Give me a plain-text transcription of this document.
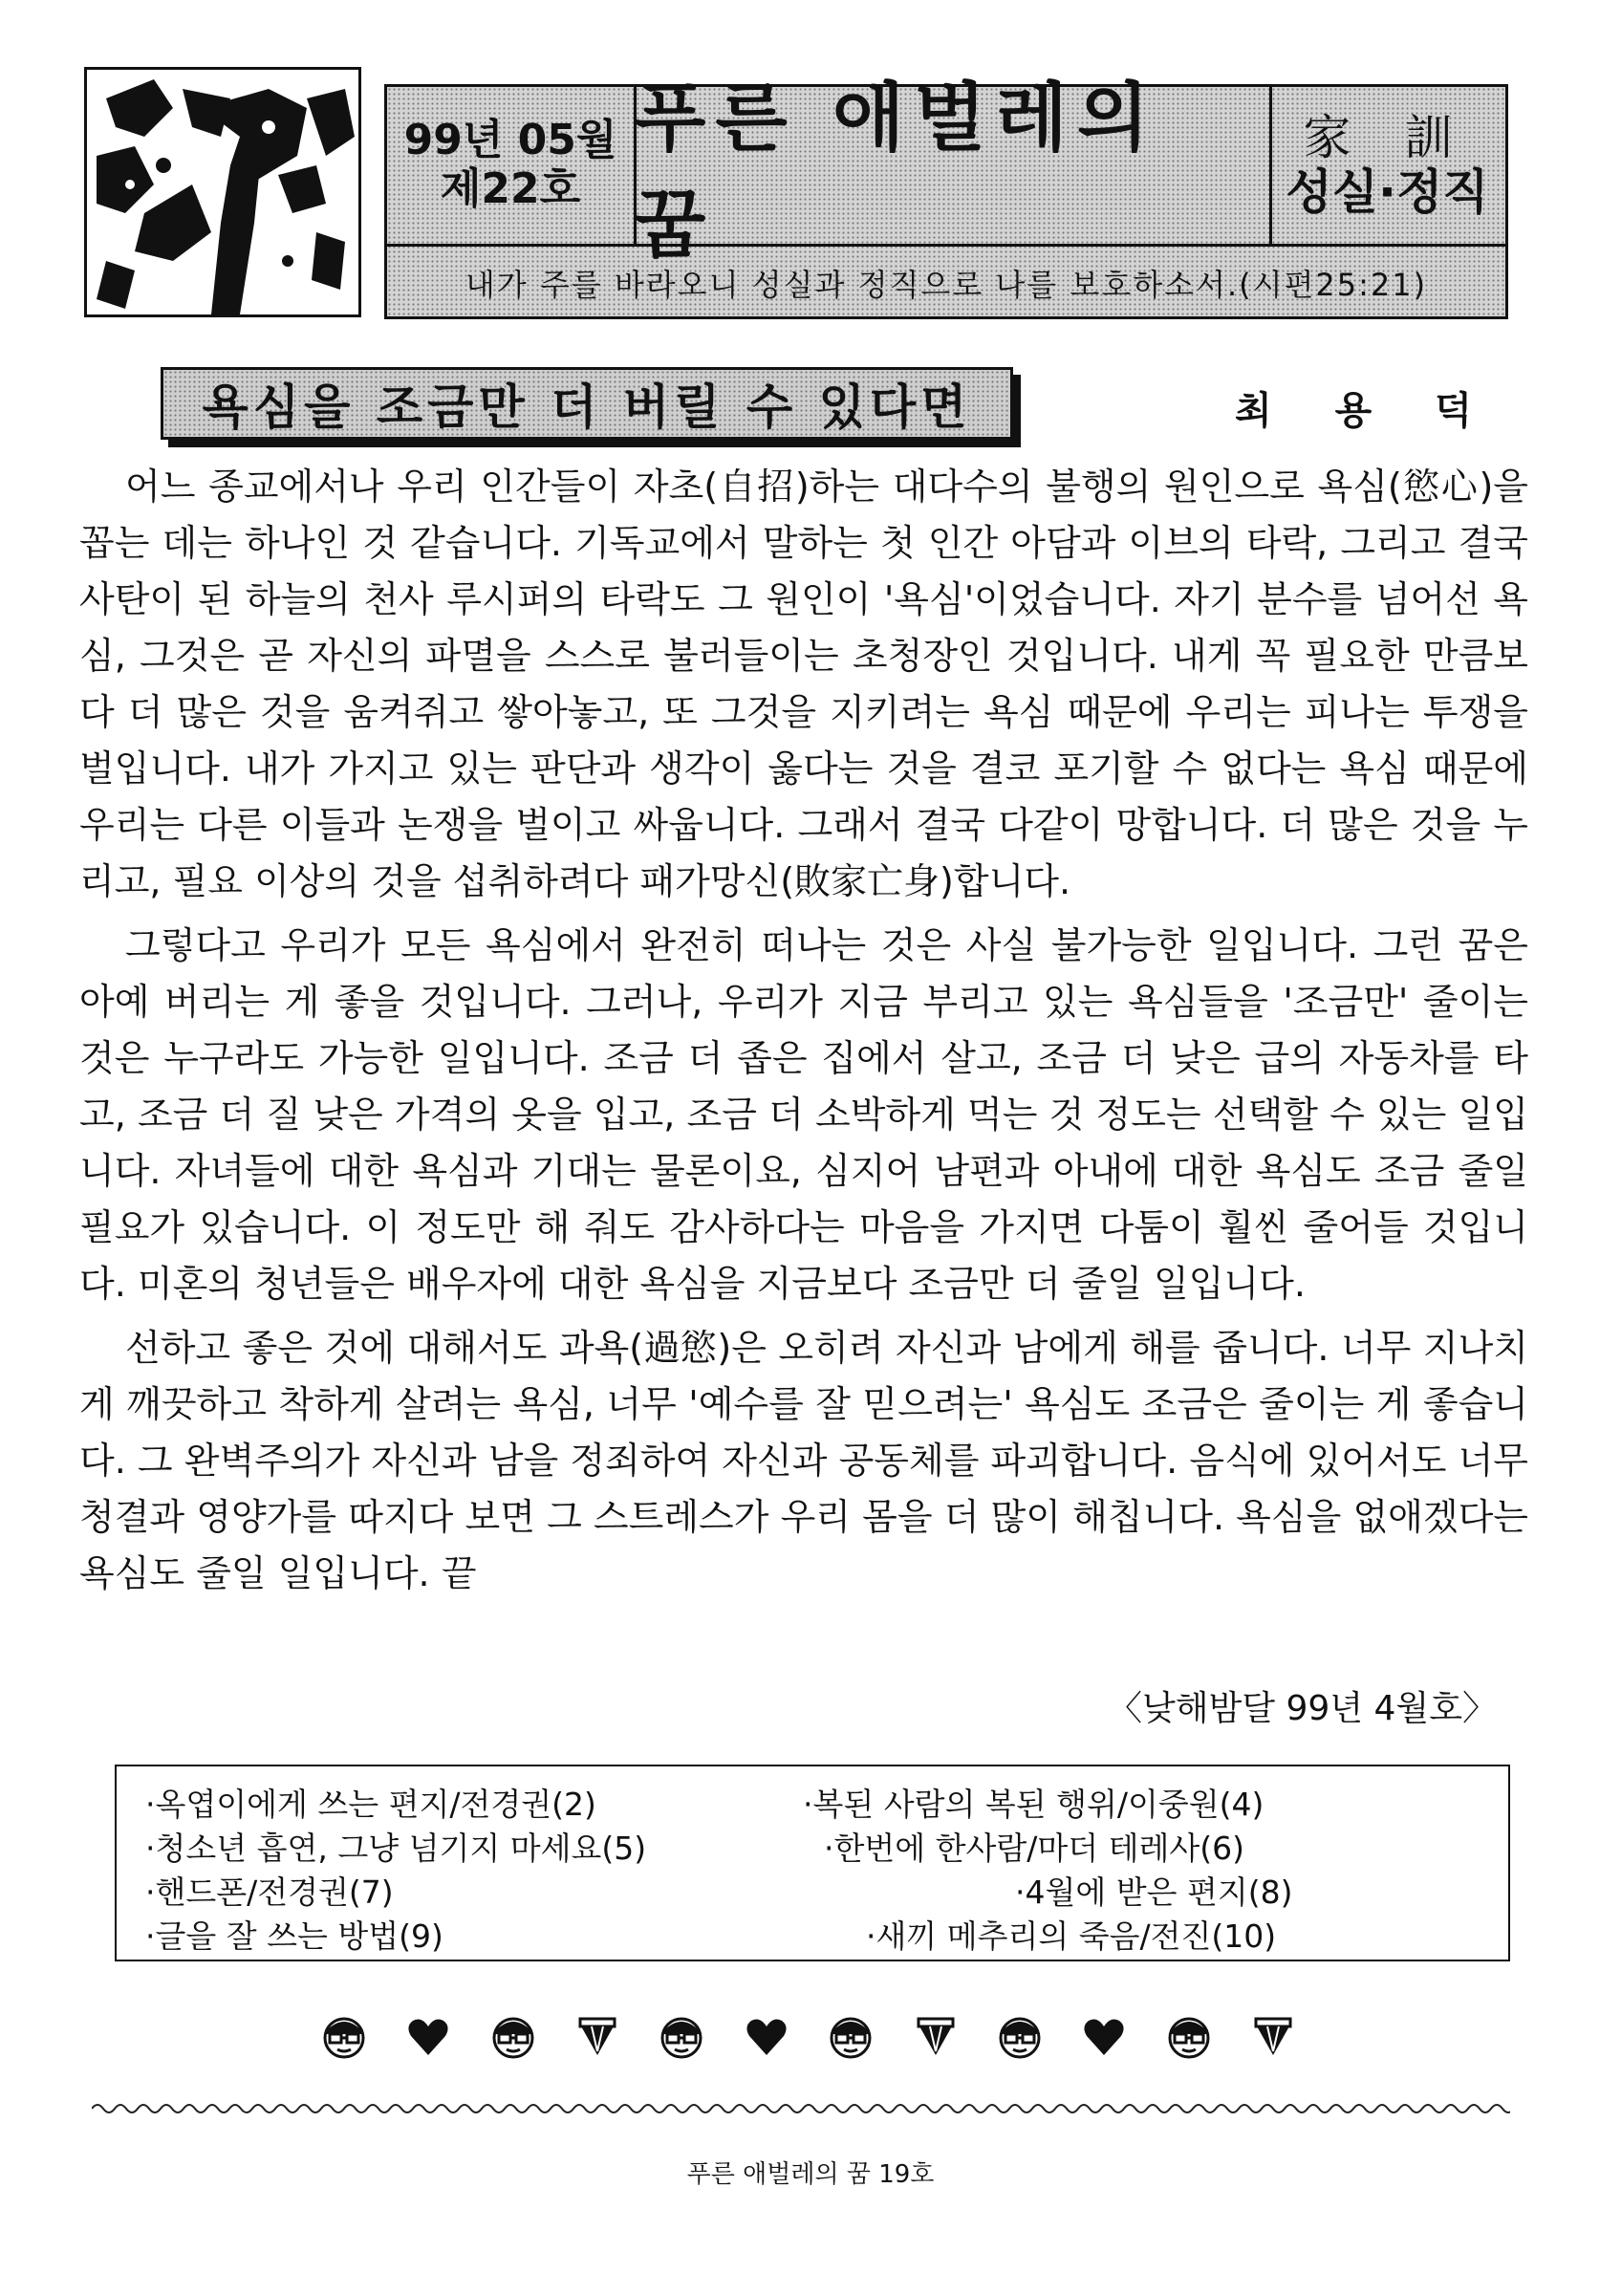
99년 05월
제22호
푸른 애벌레의 꿈
家 訓
성실·정직
내가 주를 바라오니 성실과 정직으로 나를 보호하소서.(시편25:21)
욕심을 조금만 더 버릴 수 있다면	최 용 덕

어느 종교에서나 우리 인간들이 자초(自招)하는 대다수의 불행의 원인으로 욕심(慾心)을 꼽는 데는 하나인 것 같습니다. 기독교에서 말하는 첫 인간 아담과 이브의 타락, 그리고 결국 사탄이 된 하늘의 천사 루시퍼의 타락도 그 원인이 '욕심'이었습니다. 자기 분수를 넘어선 욕심, 그것은 곧 자신의 파멸을 스스로 불러들이는 초청장인 것입니다. 내게 꼭 필요한 만큼보다 더 많은 것을 움켜쥐고 쌓아놓고, 또 그것을 지키려는 욕심 때문에 우리는 피나는 투쟁을 벌입니다. 내가 가지고 있는 판단과 생각이 옳다는 것을 결코 포기할 수 없다는 욕심 때문에 우리는 다른 이들과 논쟁을 벌이고 싸웁니다. 그래서 결국 다같이 망합니다. 더 많은 것을 누리고, 필요 이상의 것을 섭취하려다 패가망신(敗家亡身)합니다.

그렇다고 우리가 모든 욕심에서 완전히 떠나는 것은 사실 불가능한 일입니다. 그런 꿈은 아예 버리는 게 좋을 것입니다. 그러나, 우리가 지금 부리고 있는 욕심들을 '조금만' 줄이는 것은 누구라도 가능한 일입니다. 조금 더 좁은 집에서 살고, 조금 더 낮은 급의 자동차를 타고, 조금 더 질 낮은 가격의 옷을 입고, 조금 더 소박하게 먹는 것 정도는 선택할 수 있는 일입니다. 자녀들에 대한 욕심과 기대는 물론이요, 심지어 남편과 아내에 대한 욕심도 조금 줄일 필요가 있습니다. 이 정도만 해 줘도 감사하다는 마음을 가지면 다툼이 훨씬 줄어들 것입니다. 미혼의 청년들은 배우자에 대한 욕심을 지금보다 조금만 더 줄일 일입니다.

선하고 좋은 것에 대해서도 과욕(過慾)은 오히려 자신과 남에게 해를 줍니다. 너무 지나치게 깨끗하고 착하게 살려는 욕심, 너무 '예수를 잘 믿으려는' 욕심도 조금은 줄이는 게 좋습니다. 그 완벽주의가 자신과 남을 정죄하여 자신과 공동체를 파괴합니다. 음식에 있어서도 너무 청결과 영양가를 따지다 보면 그 스트레스가 우리 몸을 더 많이 해칩니다. 욕심을 없애겠다는 욕심도 줄일 일입니다. 끝

〈낮해밤달 99년 4월호〉
·옥엽이에게 쓰는 편지/전경권(2)	·복된 사람의 복된 행위/이중원(4)
·청소년 흡연, 그냥 넘기지 마세요(5)	·한번에 한사람/마더 테레사(6)
·핸드폰/전경권(7)	·4월에 받은 편지(8)
·글을 잘 쓰는 방법(9)	·새끼 메추리의 죽음/전진(10)
푸른 애벌레의 꿈 19호
